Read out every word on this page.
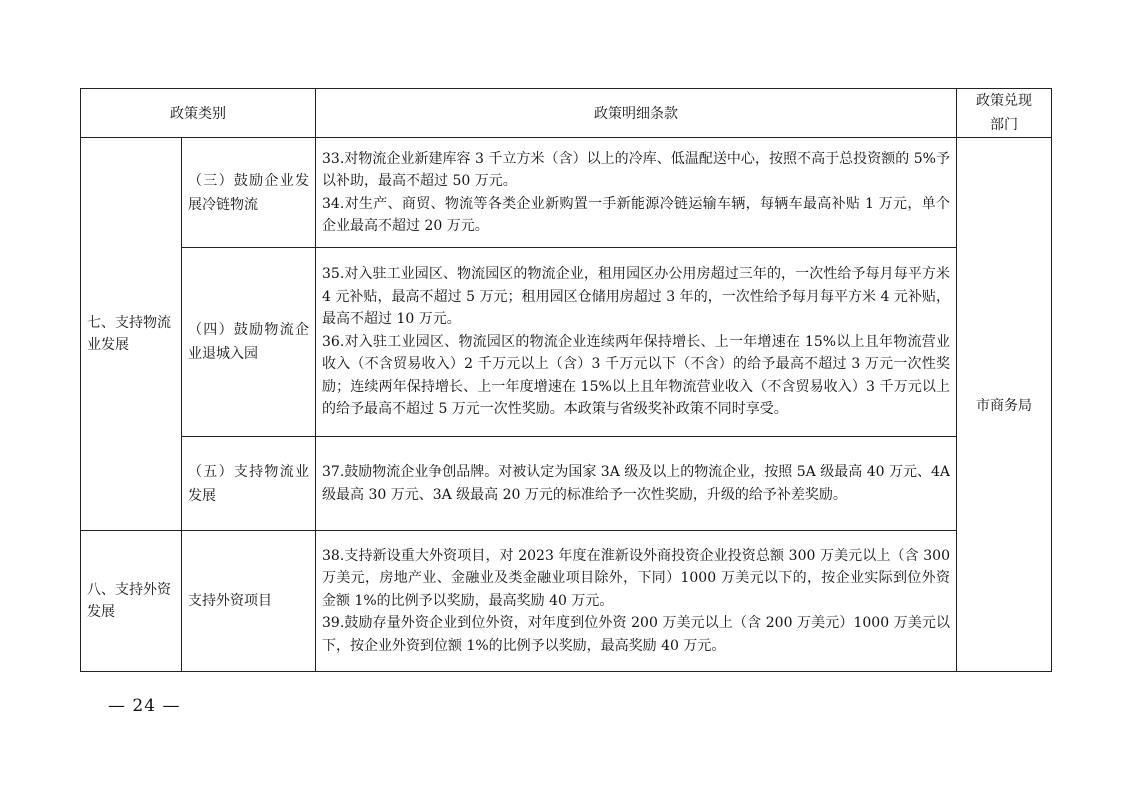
政策类别		政策明细条款	政策兑现部门
七、支持物流业发展	（三）鼓励企业发展冷链物流	33.对物流企业新建库容 3 千立方米（含）以上的冷库、低温配送中心，按照不高于总投资额的 5%予以补助，最高不超过 50 万元。
34.对生产、商贸、物流等各类企业新购置一手新能源冷链运输车辆，每辆车最高补贴 1 万元，单个企业最高不超过 20 万元。	市商务局
	（四）鼓励物流企业退城入园	35.对入驻工业园区、物流园区的物流企业，租用园区办公用房超过三年的，一次性给予每月每平方米 4 元补贴，最高不超过 5 万元；租用园区仓储用房超过 3 年的，一次性给予每月每平方米 4 元补贴，最高不超过 10 万元。
36.对入驻工业园区、物流园区的物流企业连续两年保持增长、上一年增速在 15%以上且年物流营业收入（不含贸易收入）2 千万元以上（含）3 千万元以下（不含）的给予最高不超过 3 万元一次性奖励；连续两年保持增长、上一年度增速在 15%以上且年物流营业收入（不含贸易收入）3 千万元以上的给予最高不超过 5 万元一次性奖励。本政策与省级奖补政策不同时享受。	

	（五）支持物流业发展	37.鼓励物流企业争创品牌。对被认定为国家 3A 级及以上的物流企业，按照 5A 级最高 40 万元、4A 级最高 30 万元、3A 级最高 20 万元的标准给予一次性奖励，升级的给予补差奖励。	

八、支持外资发展	支持外资项目	38.支持新设重大外资项目，对 2023 年度在淮新设外商投资企业投资总额 300 万美元以上（含 300 万美元，房地产业、金融业及类金融业项目除外，下同）1000 万美元以下的，按企业实际到位外资金额 1%的比例予以奖励，最高奖励 40 万元。
39.鼓励存量外资企业到位外资，对年度到位外资 200 万美元以上（含 200 万美元）1000 万美元以下，按企业外资到位额 1%的比例予以奖励，最高奖励 40 万元。	
— 24 —
